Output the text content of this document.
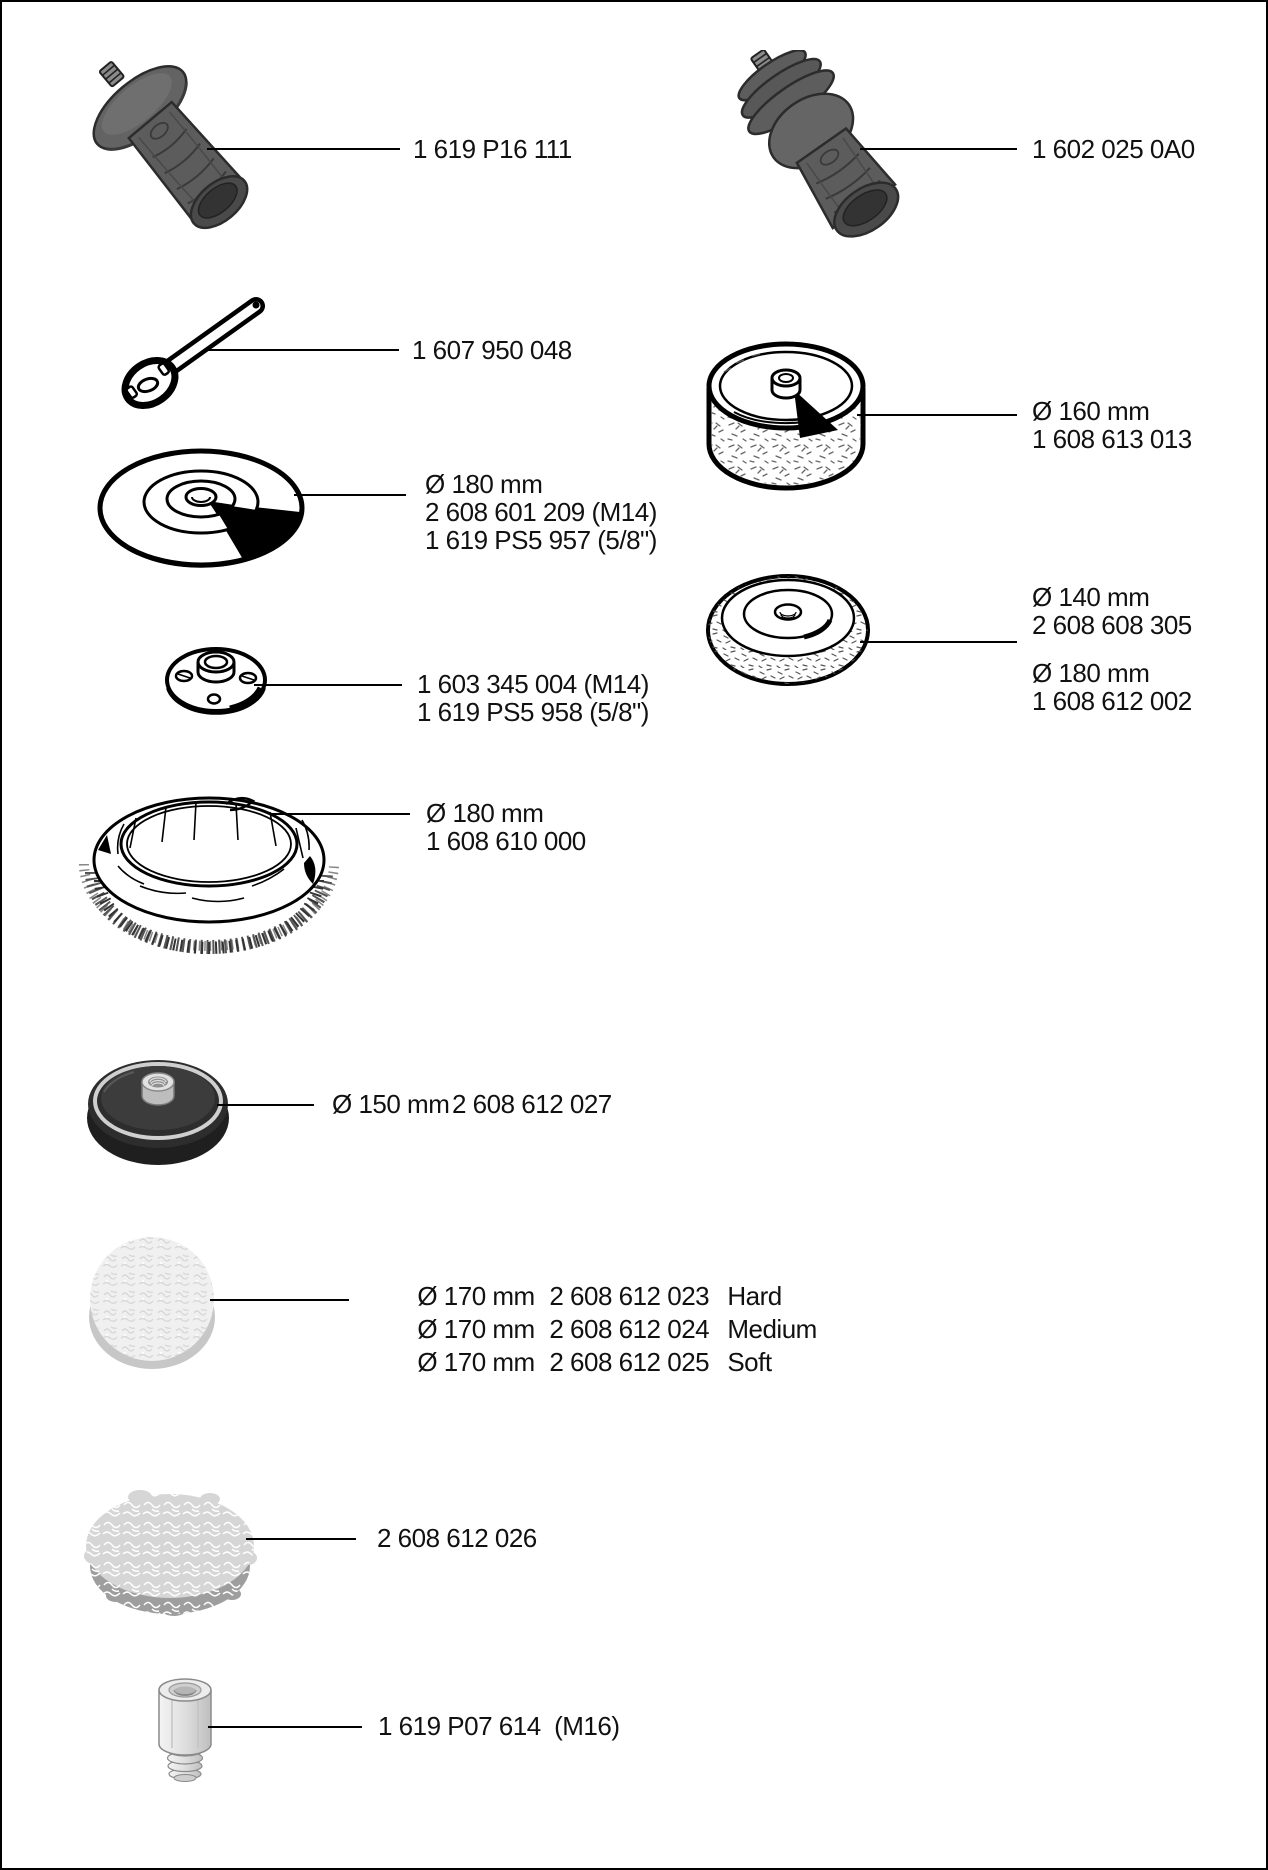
1 619 P16 111	1 602 025 0A0
1 607 950 048
Ø 160 mm
1 608 613 013
Ø 180 mm
2 608 601 209 (M14)
1 619 PS5 957 (5/8")
Ø 140 mm
2 608 608 305
Ø 180 mm
1 608 612 002
1 603 345 004 (M14)
1 619 PS5 958 (5/8")
Ø 180 mm
1 608 610 000
Ø 150 mm 2 608 612 027

Ø 170 mm 2 608 612 023 Hard

Ø 170 mm 2 608 612 024 Medium

Ø 170 mm 2 608 612 025 Soft

2 608 612 026
1 619 P07 614  (M16)
